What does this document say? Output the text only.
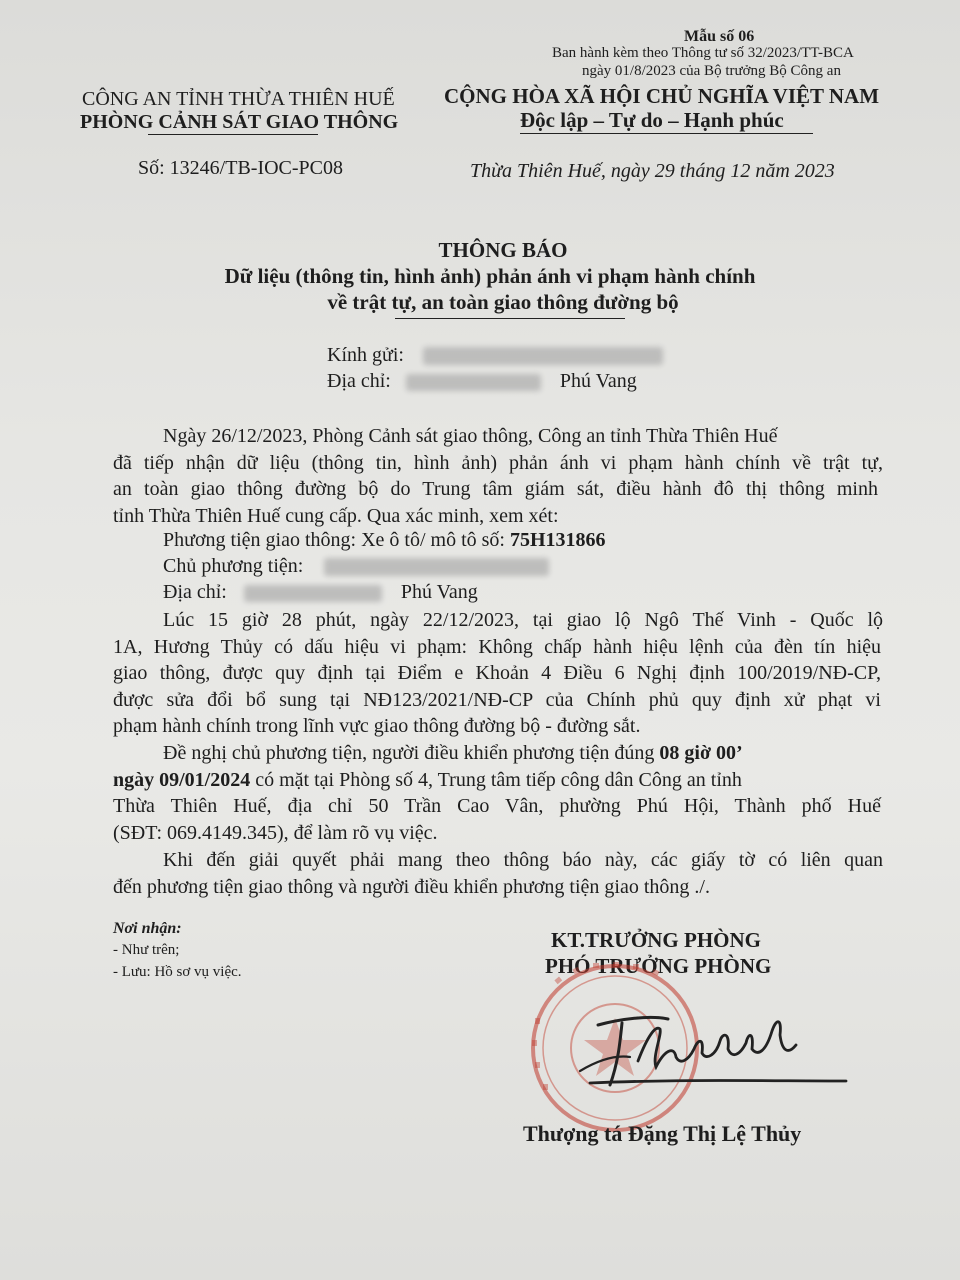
Mẫu số 06
Ban hành kèm theo Thông tư số 32/2023/TT-BCA
ngày 01/8/2023 của Bộ trưởng Bộ Công an
CÔNG AN TỈNH THỪA THIÊN HUẾ
PHÒNG CẢNH SÁT GIAO THÔNG
Số: 13246/TB-IOC-PC08
CỘNG HÒA XÃ HỘI CHỦ NGHĨA VIỆT NAM
Độc lập – Tự do – Hạnh phúc
Thừa Thiên Huế, ngày 29 tháng 12 năm 2023
THÔNG BÁO
Dữ liệu (thông tin, hình ảnh) phản ánh vi phạm hành chính
về trật tự, an toàn giao thông đường bộ
Kính gửi:
Địa chỉ:	Phú Vang
Ngày 26/12/2023, Phòng Cảnh sát giao thông, Công an tỉnh Thừa Thiên Huế
đã tiếp nhận dữ liệu (thông tin, hình ảnh) phản ánh vi phạm hành chính về trật tự,
an toàn giao thông đường bộ do Trung tâm giám sát, điều hành đô thị thông minh
tỉnh Thừa Thiên Huế cung cấp. Qua xác minh, xem xét:
Phương tiện giao thông: Xe ô tô/ mô tô số: 75H131866
Chủ phương tiện:
Địa chỉ:	Phú Vang
Lúc 15 giờ 28 phút, ngày 22/12/2023, tại giao lộ Ngô Thế Vinh - Quốc lộ
1A, Hương Thủy có dấu hiệu vi phạm: Không chấp hành hiệu lệnh của đèn tín hiệu
giao thông, được quy định tại Điểm e Khoản 4 Điều 6 Nghị định 100/2019/NĐ-CP,
được sửa đổi bổ sung tại NĐ123/2021/NĐ-CP của Chính phủ quy định xử phạt vi
phạm hành chính trong lĩnh vực giao thông đường bộ - đường sắt.
Đề nghị chủ phương tiện, người điều khiển phương tiện đúng 08 giờ 00’
ngày 09/01/2024 có mặt tại Phòng số 4, Trung tâm tiếp công dân Công an tỉnh
Thừa Thiên Huế, địa chỉ 50 Trần Cao Vân, phường Phú Hội, Thành phố Huế
(SĐT: 069.4149.345), để làm rõ vụ việc.
Khi đến giải quyết phải mang theo thông báo này, các giấy tờ có liên quan
đến phương tiện giao thông và người điều khiển phương tiện giao thông ./.
Nơi nhận:
- Như trên;
- Lưu: Hồ sơ vụ việc.
KT.TRƯỞNG PHÒNG
PHÓ TRƯỞNG PHÒNG
Thượng tá Đặng Thị Lệ Thủy
